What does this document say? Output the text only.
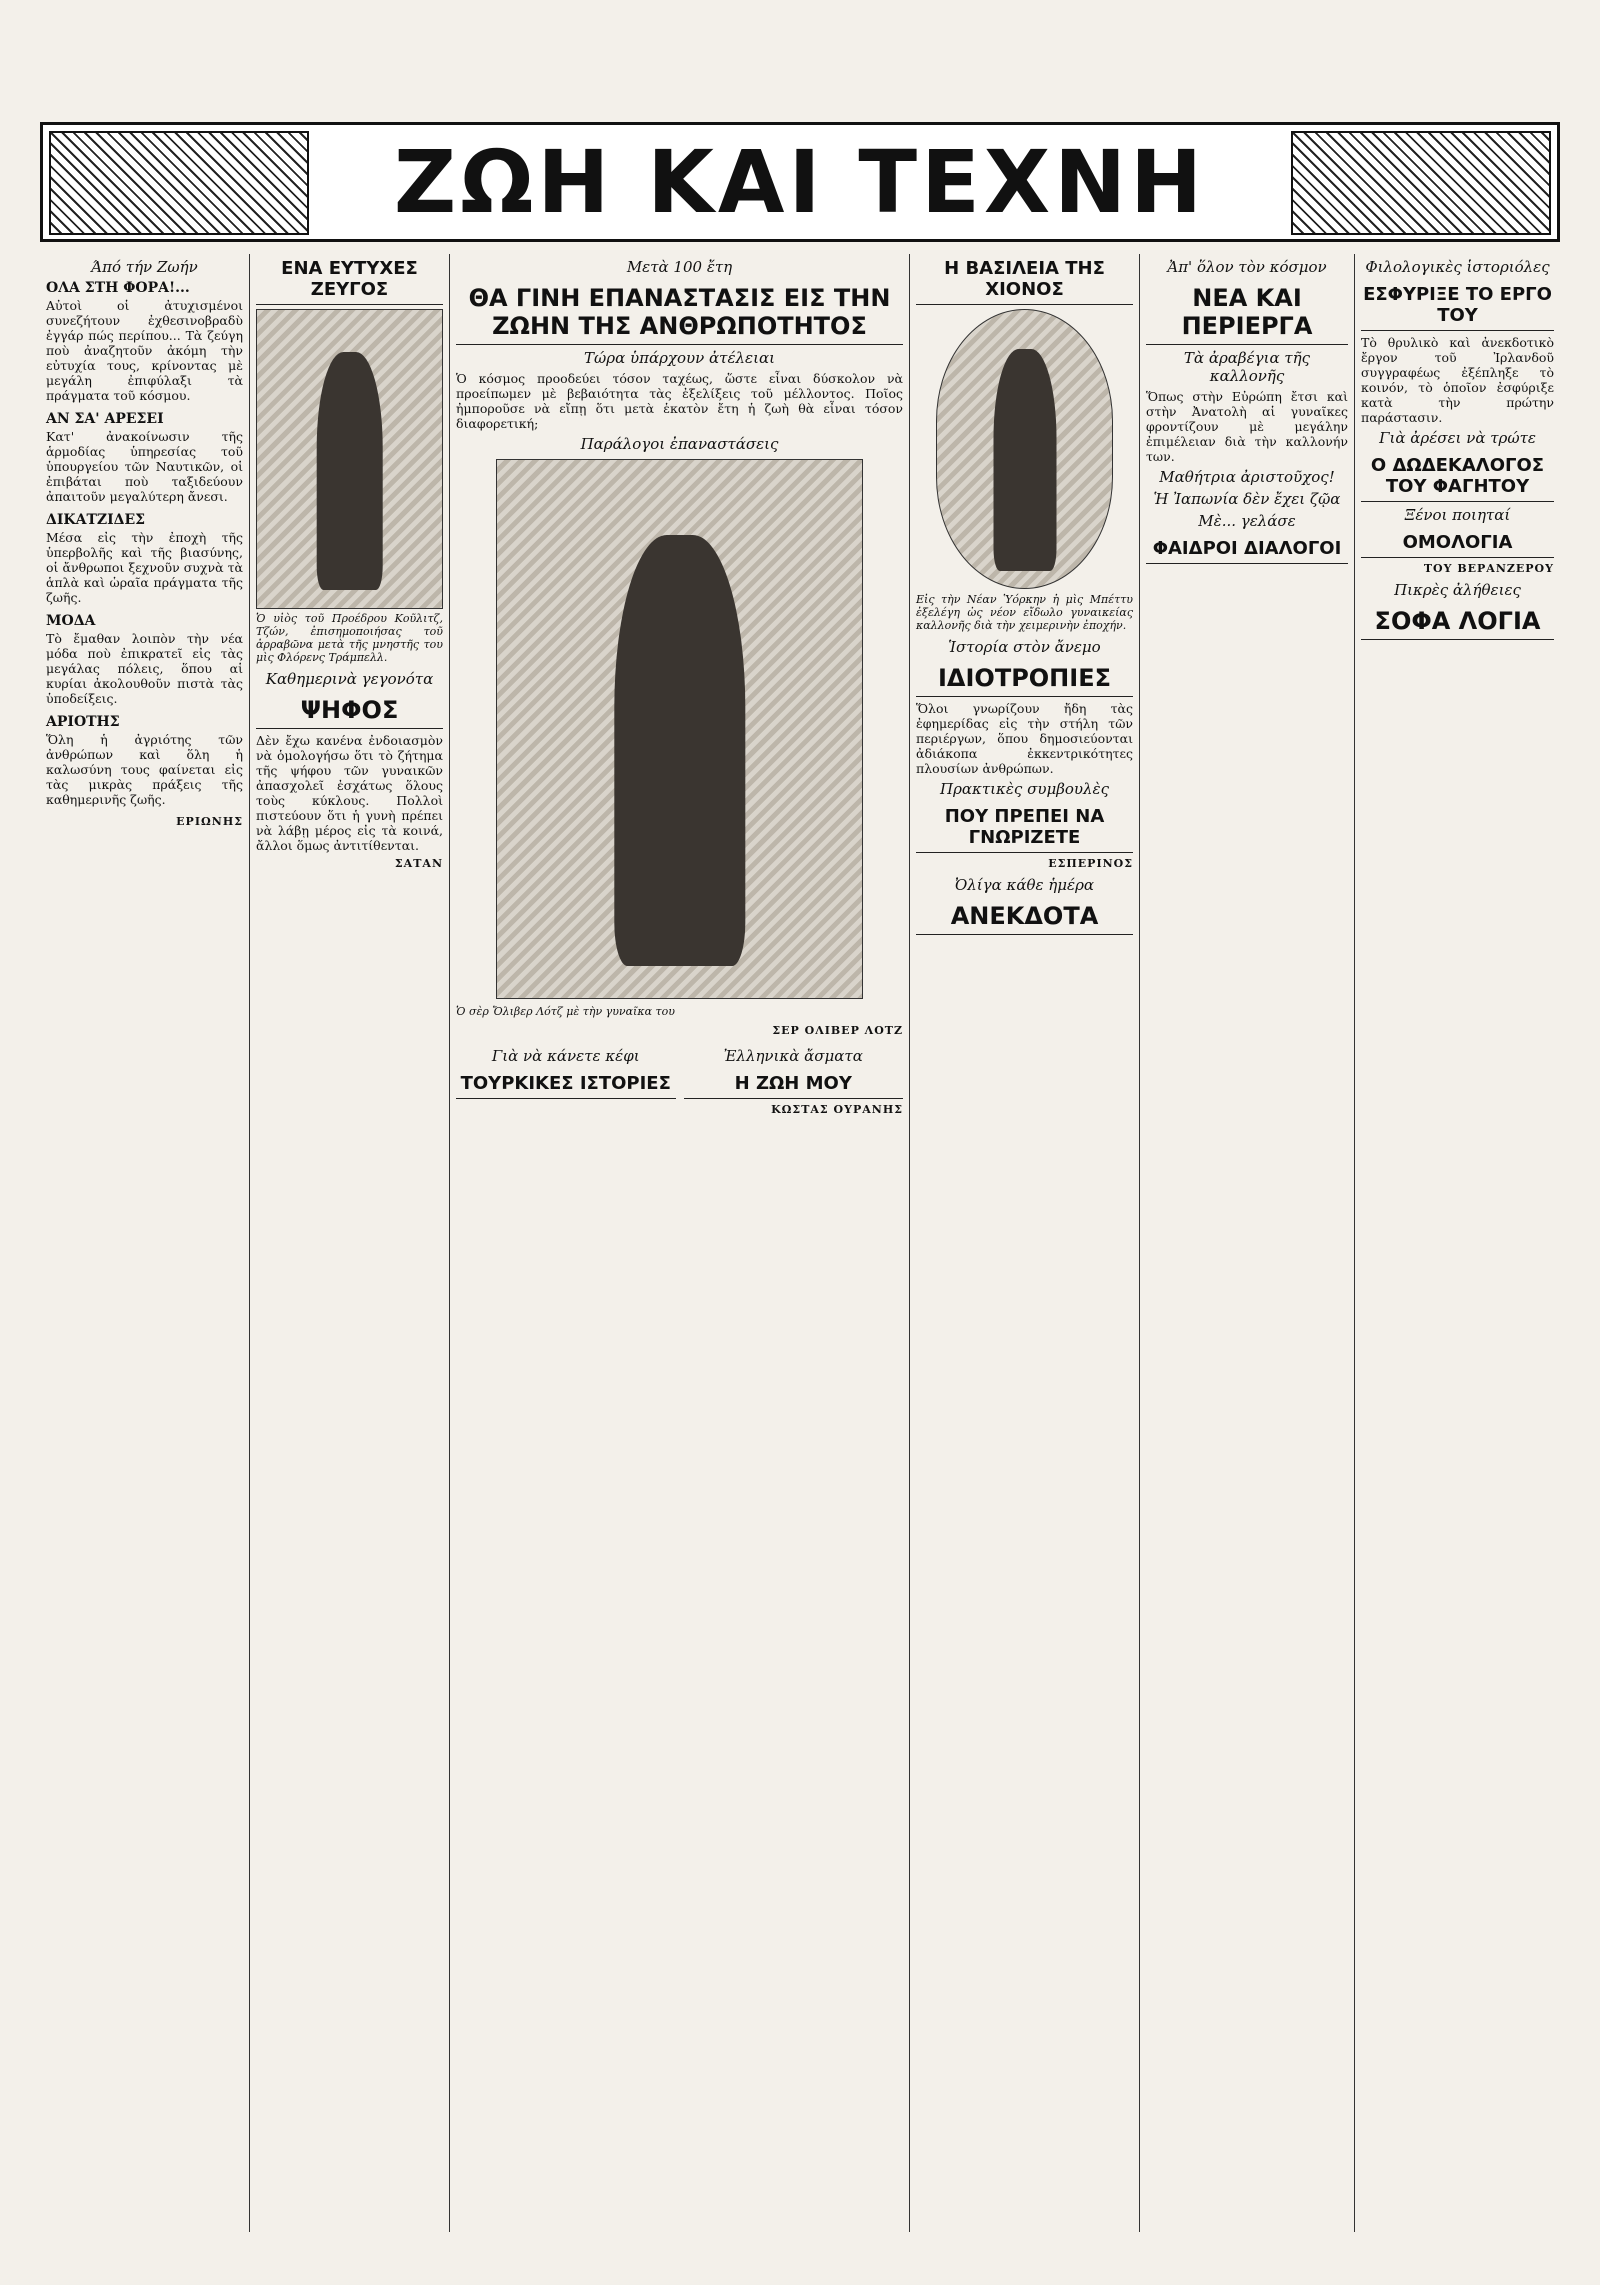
ΖΩΗ ΚΑΙ ΤΕΧΝΗ
Άπό τήν Ζωήν
ΟΛΑ ΣΤΗ ΦΟΡΑ!...

Αὐτοὶ οἱ ἀτυχισμένοι συνεζήτουν ἐχθεσινοβραδὺ ἐγγάρ πώς περίπου... Τὰ ζεύγη ποὺ ἀναζητοῦν ἀκόμη τὴν εὐτυχία τους, κρίνοντας μὲ μεγάλη ἐπιφύλαξι τὰ πράγματα τοῦ κόσμου.

ΑΝ ΣΑ' ΑΡΕΣΕΙ

Κατ' ἀνακοίνωσιν τῆς ἁρμοδίας ὑπηρεσίας τοῦ ὑπουργείου τῶν Ναυτικῶν, οἱ ἐπιβάται ποὺ ταξιδεύουν ἀπαιτοῦν μεγαλύτερη ἄνεσι.

ΔΙΚΑΤΖΙΔΕΣ

Μέσα εἰς τὴν ἐποχὴ τῆς ὑπερβολῆς καὶ τῆς βιασύνης, οἱ ἄνθρωποι ξεχνοῦν συχνὰ τὰ ἁπλὰ καὶ ὡραῖα πράγματα τῆς ζωῆς.

ΜΟΔΑ

Τὸ ἔμαθαν λοιπὸν τὴν νέα μόδα ποὺ ἐπικρατεῖ εἰς τὰς μεγάλας πόλεις, ὅπου αἱ κυρίαι ἀκολουθοῦν πιστὰ τὰς ὑποδείξεις.

ΑΡΙΟΤΗΣ

Ὅλη ἡ ἀγριότης τῶν ἀνθρώπων καὶ ὅλη ἡ καλωσύνη τους φαίνεται εἰς τὰς μικρὰς πράξεις τῆς καθημερινῆς ζωῆς.

ΕΡΙΩΝΗΣ
ΕΝΑ ΕΥΤΥΧΕΣ ΖΕΥΓΟΣ
Ὁ υἱὸς τοῦ Προέδρου Κοῦλιτζ, Τζών, ἐπισημοποιήσας τοῦ ἀρραβῶνα μετὰ τῆς μνηστῆς του μὶς Φλόρενς Τράμπελλ.
Καθημερινὰ γεγονότα
ΨΗΦΟΣ

Δὲν ἔχω κανένα ἐνδοιασμὸν νὰ ὁμολογήσω ὅτι τὸ ζήτημα τῆς ψήφου τῶν γυναικῶν ἀπασχολεῖ ἐσχάτως ὅλους τοὺς κύκλους. Πολλοὶ πιστεύουν ὅτι ἡ γυνὴ πρέπει νὰ λάβῃ μέρος εἰς τὰ κοινά, ἄλλοι ὅμως ἀντιτίθενται.

ΣΑΤΑΝ
Μετὰ 100 ἔτη
ΘΑ ΓΙΝΗ ΕΠΑΝΑΣΤΑΣΙΣ ΕΙΣ ΤΗΝ ΖΩΗΝ ΤΗΣ ΑΝΘΡΩΠΟΤΗΤΟΣ
Τώρα ὑπάρχουν ἀτέλειαι

Ὁ κόσμος προοδεύει τόσον ταχέως, ὥστε εἶναι δύσκολον νὰ προείπωμεν μὲ βεβαιότητα τὰς ἐξελίξεις τοῦ μέλλοντος. Ποῖος ἠμποροῦσε νὰ εἴπῃ ὅτι μετὰ ἑκατὸν ἔτη ἡ ζωὴ θὰ εἶναι τόσον διαφορετική;

Παράλογοι ἐπαναστάσεις
Ὁ σὲρ Ὄλιβερ Λότζ μὲ τὴν γυναῖκα του
ΣΕΡ ΟΛΙΒΕΡ ΛΟΤΖ
Γιὰ νὰ κάνετε κέφι
ΤΟΥΡΚΙΚΕΣ ΙΣΤΟΡΙΕΣ
Ἐλληνικὰ ἄσματα
Η ΖΩΗ ΜΟΥ
ΚΩΣΤΑΣ ΟΥΡΑΝΗΣ
Η ΒΑΣΙΛΕΙΑ ΤΗΣ ΧΙΟΝΟΣ
Εἰς τὴν Νέαν Ὑόρκην ἡ μὶς Μπέττυ ἐξελέγη ὡς νέον εἴδωλο γυναικείας καλλονῆς διὰ τὴν χειμερινὴν ἐποχήν.
Ἱστορία στὸν ἄνεμο
ΙΔΙΟΤΡΟΠΙΕΣ

Ὅλοι γνωρίζουν ἤδη τὰς ἐφημερίδας εἰς τὴν στήλη τῶν περιέργων, ὅπου δημοσιεύονται ἀδιάκοπα ἐκκεντρικότητες πλουσίων ἀνθρώπων.

Πρακτικὲς συμβουλὲς
ΠΟΥ ΠΡΕΠΕΙ ΝΑ ΓΝΩΡΙΖΕΤΕ
ΕΣΠΕΡΙΝΟΣ
Ὀλίγα κάθε ἡμέρα
ΑΝΕΚΔΟΤΑ
Ἀπ' ὅλον τὸν κόσμον
ΝΕΑ ΚΑΙ ΠΕΡΙΕΡΓΑ
Τὰ ἀραβέγια τῆς καλλονῆς

Ὅπως στὴν Εὐρώπη ἔτσι καὶ στὴν Ἀνατολὴ αἱ γυναῖκες φροντίζουν μὲ μεγάλην ἐπιμέλειαν διὰ τὴν καλλονήν των.

Μαθήτρια ἀριστοῦχος!
Ἡ Ἰαπωνία δὲν ἔχει ζῷα
Μὲ... γελάσε
ΦΑΙΔΡΟΙ ΔΙΑΛΟΓΟΙ
Φιλολογικὲς ἱστοριόλες
ΕΣΦΥΡΙΞΕ ΤΟ ΕΡΓΟ ΤΟΥ

Τὸ θρυλικὸ καὶ ἀνεκδοτικὸ ἔργον τοῦ Ἰρλανδοῦ συγγραφέως ἐξέπληξε τὸ κοινόν, τὸ ὁποῖον ἐσφύριξε κατὰ τὴν πρώτην παράστασιν.

Γιὰ ἀρέσει νὰ τρώτε
Ο ΔΩΔΕΚΑΛΟΓΟΣ ΤΟΥ ΦΑΓΗΤΟΥ
Ξένοι ποιηταί
ΟΜΟΛΟΓΙΑ
ΤΟΥ ΒΕΡΑΝΖΕΡΟΥ
Πικρὲς ἀλήθειες
ΣΟΦΑ ΛΟΓΙΑ
